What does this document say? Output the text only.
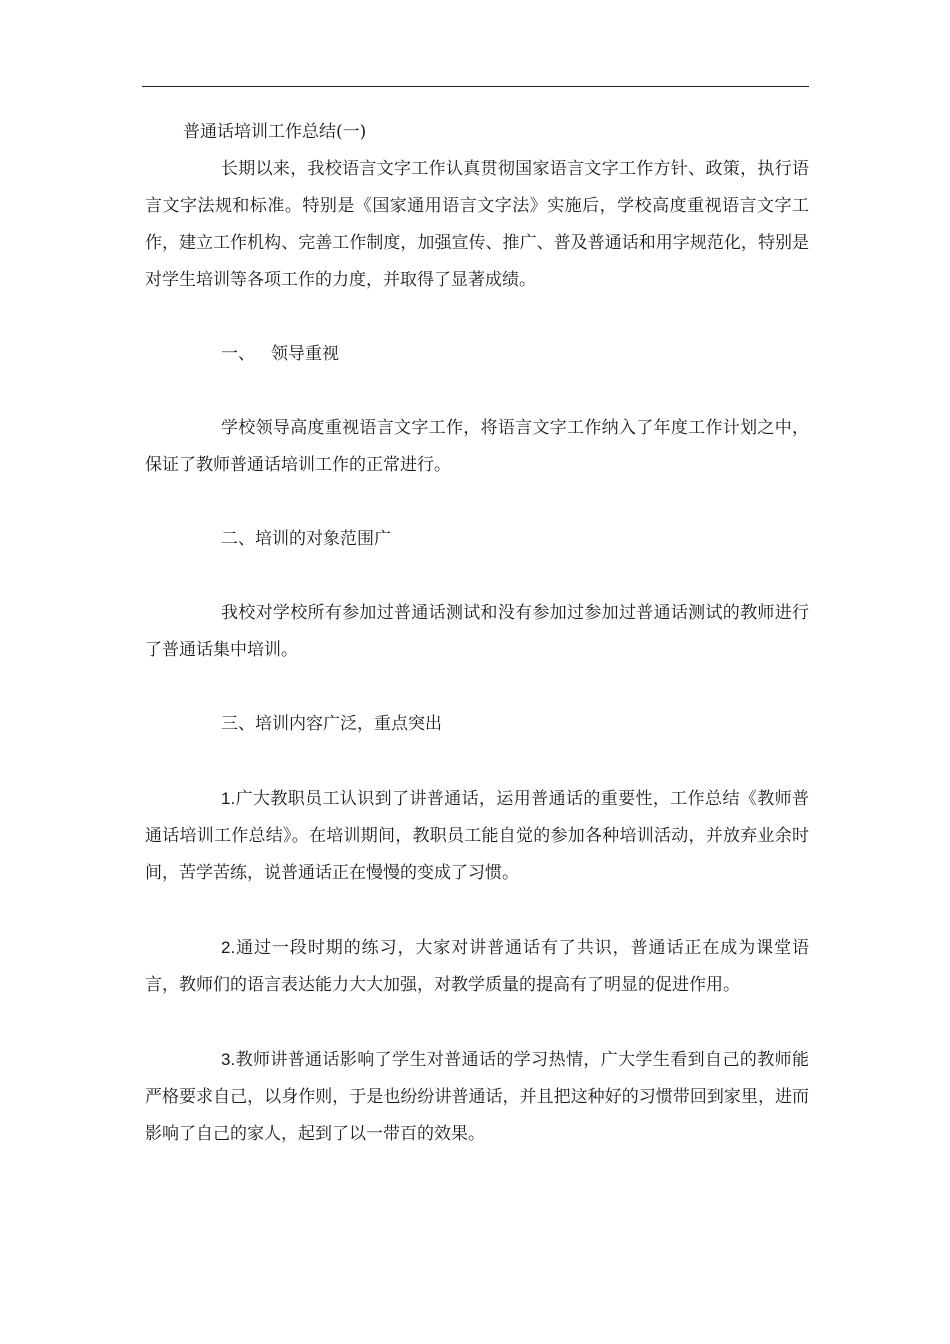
普通话培训工作总结(一)

长期以来，我校语言文字工作认真贯彻国家语言文字工作方针、政策，执行语言文字法规和标准。特别是《国家通用语言文字法》实施后，学校高度重视语言文字工作，建立工作机构、完善工作制度，加强宣传、推广、普及普通话和用字规范化，特别是对学生培训等各项工作的力度，并取得了显著成绩。

一、 领导重视

学校领导高度重视语言文字工作，将语言文字工作纳入了年度工作计划之中，保证了教师普通话培训工作的正常进行。

二、培训的对象范围广

我校对学校所有参加过普通话测试和没有参加过参加过普通话测试的教师进行了普通话集中培训。

三、培训内容广泛，重点突出

1.广大教职员工认识到了讲普通话，运用普通话的重要性，工作总结《教师普通话培训工作总结》。在培训期间，教职员工能自觉的参加各种培训活动，并放弃业余时间，苦学苦练，说普通话正在慢慢的变成了习惯。

2.通过一段时期的练习，大家对讲普通话有了共识，普通话正在成为课堂语言，教师们的语言表达能力大大加强，对教学质量的提高有了明显的促进作用。

3.教师讲普通话影响了学生对普通话的学习热情，广大学生看到自己的教师能严格要求自己，以身作则，于是也纷纷讲普通话，并且把这种好的习惯带回到家里，进而影响了自己的家人，起到了以一带百的效果。
